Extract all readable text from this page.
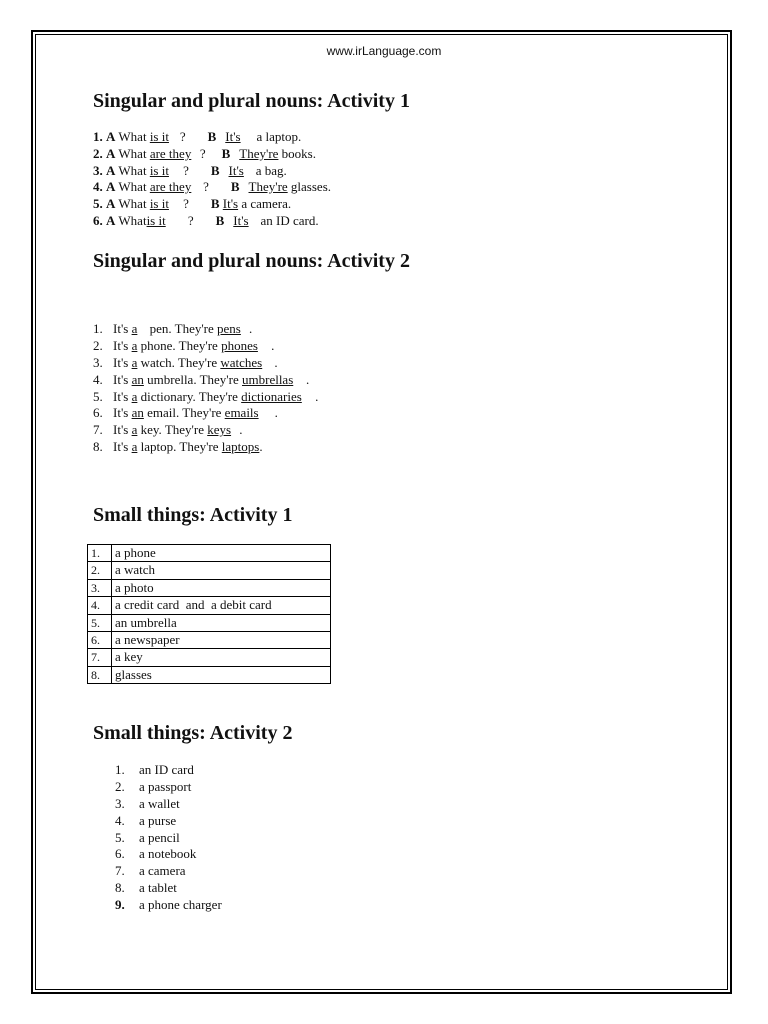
www.irLanguage.com
Singular and plural nouns: Activity 1
1. A What is it ? B It's a laptop.
2. A What are they ? B They're books.
3. A What is it ? B It's a bag.
4. A What are they ? B They're glasses.
5. A What is it ? B It's a camera.
6. A Whatis it ? B It's an ID card.
Singular and plural nouns: Activity 2
1. It's a pen. They're pens .
2. It's a phone. They're phones .
3. It's a watch. They're watches .
4. It's an umbrella. They're umbrellas .
5. It's a dictionary. They're dictionaries .
6. It's an email. They're emails .
7. It's a key. They're keys .
8. It's a laptop. They're laptops.
Small things: Activity 1
1.	a phone
2.	a watch
3.	a photo
4.	a credit card  and  a debit card
5.	an umbrella
6.	a newspaper
7.	a key
8.	glasses
Small things: Activity 2
1. an ID card
2. a passport
3. a wallet
4. a purse
5. a pencil
6. a notebook
7. a camera
8. a tablet
9. a phone charger
